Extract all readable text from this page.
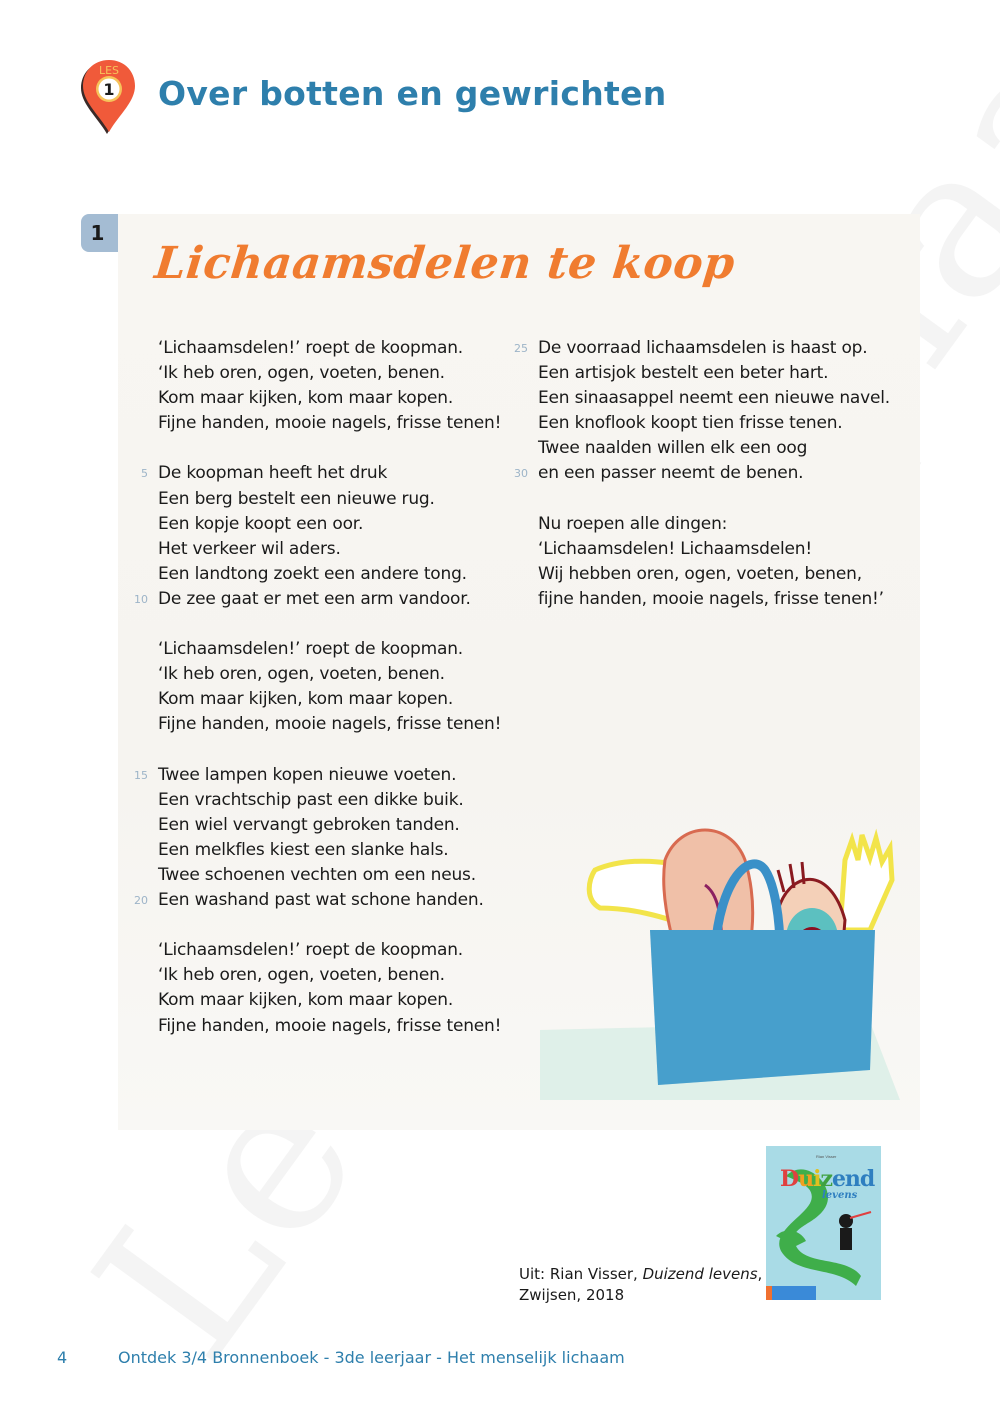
LES
1 Over botten en gewrichten
1
Lichaamsdelen te koop
‘Lichaamsdelen!’ roept de koopman.
‘Ik heb oren, ogen, voeten, benen.
Kom maar kijken, kom maar kopen.
Fijne handen, mooie nagels, frisse tenen!
5 De koopman heeft het druk
Een berg bestelt een nieuwe rug.
Een kopje koopt een oor.
Het verkeer wil aders.
Een landtong zoekt een andere tong.
10 De zee gaat er met een arm vandoor.
‘Lichaamsdelen!’ roept de koopman.
‘Ik heb oren, ogen, voeten, benen.
Kom maar kijken, kom maar kopen.
Fijne handen, mooie nagels, frisse tenen!
15 Twee lampen kopen nieuwe voeten.
Een vrachtschip past een dikke buik.
Een wiel vervangt gebroken tanden.
Een melkfles kiest een slanke hals.
Twee schoenen vechten om een neus.
20 Een washand past wat schone handen.
‘Lichaamsdelen!’ roept de koopman.
‘Ik heb oren, ogen, voeten, benen.
Kom maar kijken, kom maar kopen.
Fijne handen, mooie nagels, frisse tenen!
25 De voorraad lichaamsdelen is haast op.
Een artisjok bestelt een beter hart.
Een sinaasappel neemt een nieuwe navel.
Een knoflook koopt tien frisse tenen.
Twee naalden willen elk een oog
30 en een passer neemt de benen.
Nu roepen alle dingen:
‘Lichaamsdelen! Lichaamsdelen!
Wij hebben oren, ogen, voeten, benen,
fijne handen, mooie nagels, frisse tenen!’
Uit: Rian Visser, Duizend levens,
Zwijsen, 2018
Rian Visser
Duizend
levens
4	Ontdek 3/4 Bronnenboek - 3de leerjaar - Het menselijk lichaam
